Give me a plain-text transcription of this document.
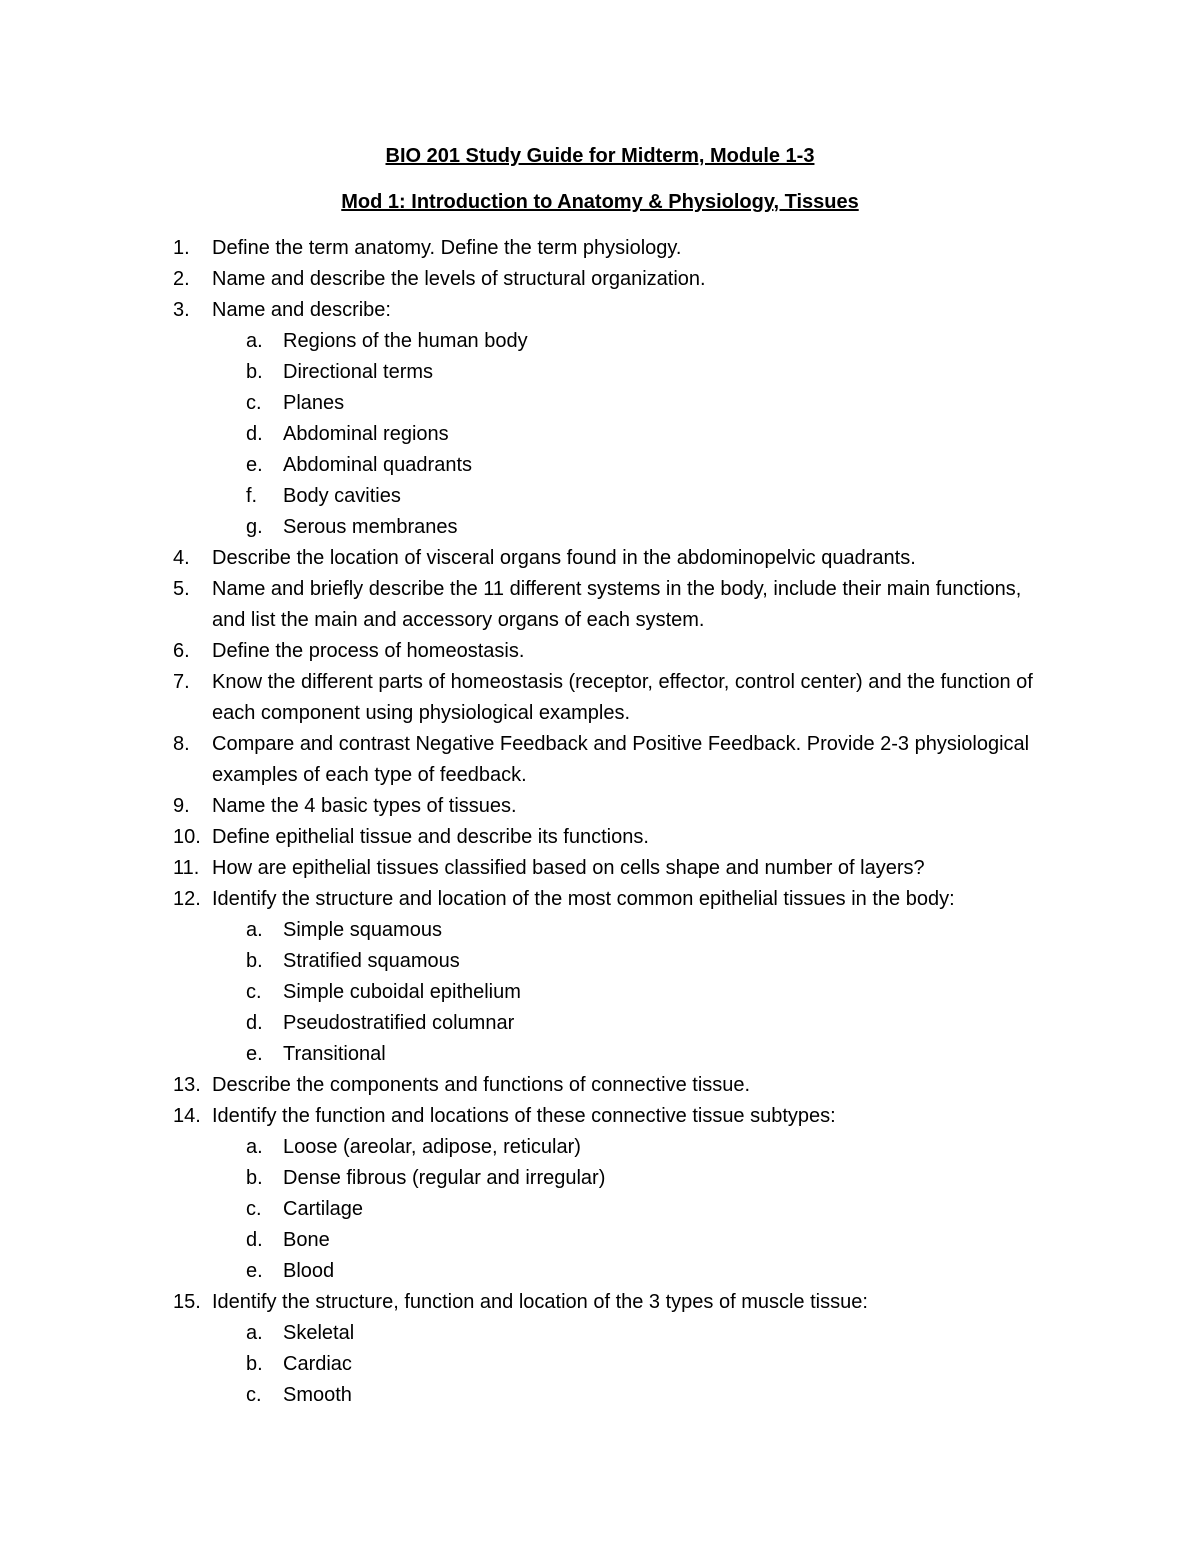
BIO 201 Study Guide for Midterm, Module 1-3
Mod 1: Introduction to Anatomy & Physiology, Tissues
1. Define the term anatomy. Define the term physiology.
2. Name and describe the levels of structural organization.
3. Name and describe:
a. Regions of the human body
b. Directional terms
c. Planes
d. Abdominal regions
e. Abdominal quadrants
f. Body cavities
g. Serous membranes
4. Describe the location of visceral organs found in the abdominopelvic quadrants.
5. Name and briefly describe the 11 different systems in the body, include their main functions, and list the main and accessory organs of each system.
6. Define the process of homeostasis.
7. Know the different parts of homeostasis (receptor, effector, control center) and the function of each component using physiological examples.
8. Compare and contrast Negative Feedback and Positive Feedback. Provide 2-3 physiological examples of each type of feedback.
9. Name the 4 basic types of tissues.
10. Define epithelial tissue and describe its functions.
11. How are epithelial tissues classified based on cells shape and number of layers?
12. Identify the structure and location of the most common epithelial tissues in the body:
a. Simple squamous
b. Stratified squamous
c. Simple cuboidal epithelium
d. Pseudostratified columnar
e. Transitional
13. Describe the components and functions of connective tissue.
14. Identify the function and locations of these connective tissue subtypes:
a. Loose (areolar, adipose, reticular)
b. Dense fibrous (regular and irregular)
c. Cartilage
d. Bone
e. Blood
15. Identify the structure, function and location of the 3 types of muscle tissue:
a. Skeletal
b. Cardiac
c. Smooth
